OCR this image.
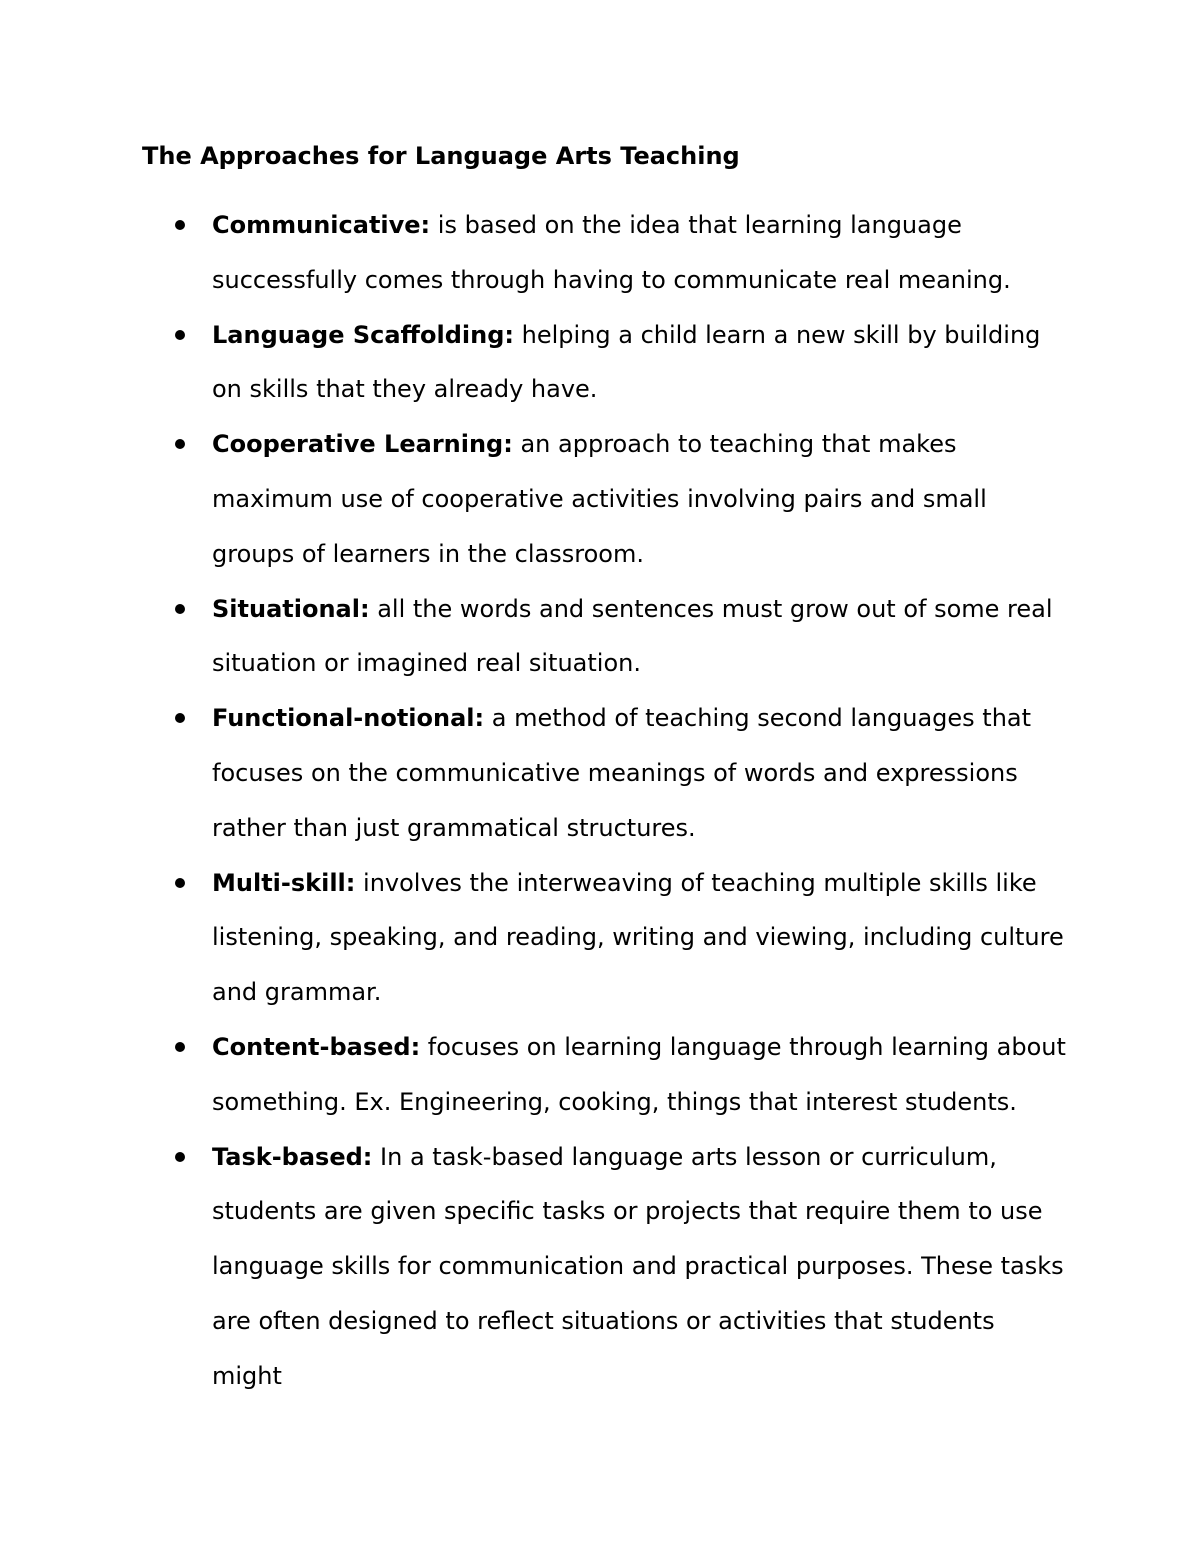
The Approaches for Language Arts Teaching
Communicative: is based on the idea that learning language successfully comes through having to communicate real meaning.
Language Scaffolding: helping a child learn a new skill by building on skills that they already have.
Cooperative Learning: an approach to teaching that makes maximum use of cooperative activities involving pairs and small groups of learners in the classroom.
Situational: all the words and sentences must grow out of some real situation or imagined real situation.
Functional-notional: a method of teaching second languages that focuses on the communicative meanings of words and expressions rather than just grammatical structures.
Multi-skill: involves the interweaving of teaching multiple skills like listening, speaking, and reading, writing and viewing, including culture and grammar.
Content-based: focuses on learning language through learning about something. Ex. Engineering, cooking, things that interest students.
Task-based: In a task-based language arts lesson or curriculum, students are given specific tasks or projects that require them to use language skills for communication and practical purposes. These tasks are often designed to reflect situations or activities that students might
